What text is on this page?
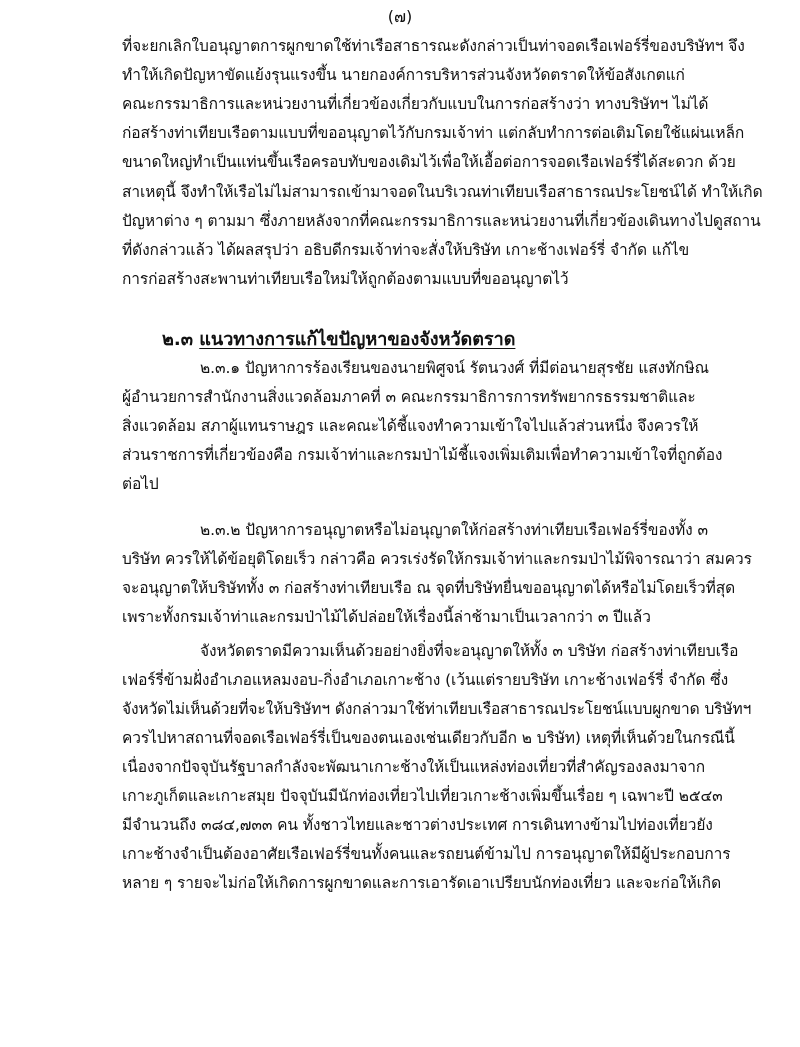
(๗)
ที่จะยกเลิกใบอนุญาตการผูกขาดใช้ท่าเรือสาธารณะดังกล่าวเป็นท่าจอดเรือเฟอร์รี่ของบริษัทฯ จึง
ทำให้เกิดปัญหาขัดแย้งรุนแรงขึ้น นายกองค์การบริหารส่วนจังหวัดตราดให้ข้อสังเกตแก่
คณะกรรมาธิการและหน่วยงานที่เกี่ยวข้องเกี่ยวกับแบบในการก่อสร้างว่า ทางบริษัทฯ ไม่ได้
ก่อสร้างท่าเทียบเรือตามแบบที่ขออนุญาตไว้กับกรมเจ้าท่า แต่กลับทำการต่อเติมโดยใช้แผ่นเหล็ก
ขนาดใหญ่ทำเป็นแท่นขึ้นเรือครอบทับของเดิมไว้เพื่อให้เอื้อต่อการจอดเรือเฟอร์รี่ได้สะดวก ด้วย
สาเหตุนี้ จึงทำให้เรือไม่ไม่สามารถเข้ามาจอดในบริเวณท่าเทียบเรือสาธารณประโยชน์ได้ ทำให้เกิด
ปัญหาต่าง ๆ ตามมา ซึ่งภายหลังจากที่คณะกรรมาธิการและหน่วยงานที่เกี่ยวข้องเดินทางไปดูสถาน
ที่ดังกล่าวแล้ว ได้ผลสรุปว่า อธิบดีกรมเจ้าท่าจะสั่งให้บริษัท เกาะช้างเฟอร์รี่ จำกัด แก้ไข
การก่อสร้างสะพานท่าเทียบเรือใหม่ให้ถูกต้องตามแบบที่ขออนุญาตไว้
๒.๓ แนวทางการแก้ไขปัญหาของจังหวัดตราด
๒.๓.๑ ปัญหาการร้องเรียนของนายพิศูจน์ รัตนวงศ์ ที่มีต่อนายสุรชัย แสงทักษิณ
ผู้อำนวยการสำนักงานสิ่งแวดล้อมภาคที่ ๓ คณะกรรมาธิการการทรัพยากรธรรมชาติและ
สิ่งแวดล้อม สภาผู้แทนราษฎร และคณะได้ชี้แจงทำความเข้าใจไปแล้วส่วนหนึ่ง จึงควรให้
ส่วนราชการที่เกี่ยวข้องคือ กรมเจ้าท่าและกรมป่าไม้ชี้แจงเพิ่มเติมเพื่อทำความเข้าใจที่ถูกต้อง
ต่อไป
๒.๓.๒ ปัญหาการอนุญาตหรือไม่อนุญาตให้ก่อสร้างท่าเทียบเรือเฟอร์รี่ของทั้ง ๓
บริษัท ควรให้ได้ข้อยุติโดยเร็ว กล่าวคือ ควรเร่งรัดให้กรมเจ้าท่าและกรมป่าไม้พิจารณาว่า สมควร
จะอนุญาตให้บริษัททั้ง ๓ ก่อสร้างท่าเทียบเรือ ณ จุดที่บริษัทยื่นขออนุญาตได้หรือไม่โดยเร็วที่สุด
เพราะทั้งกรมเจ้าท่าและกรมป่าไม้ได้ปล่อยให้เรื่องนี้ล่าช้ามาเป็นเวลากว่า ๓ ปีแล้ว
จังหวัดตราดมีความเห็นด้วยอย่างยิ่งที่จะอนุญาตให้ทั้ง ๓ บริษัท ก่อสร้างท่าเทียบเรือ
เฟอร์รี่ข้ามฝั่งอำเภอแหลมงอบ-กิ่งอำเภอเกาะช้าง (เว้นแต่รายบริษัท เกาะช้างเฟอร์รี่ จำกัด ซึ่ง
จังหวัดไม่เห็นด้วยที่จะให้บริษัทฯ ดังกล่าวมาใช้ท่าเทียบเรือสาธารณประโยชน์แบบผูกขาด บริษัทฯ
ควรไปหาสถานที่จอดเรือเฟอร์รี่เป็นของตนเองเช่นเดียวกับอีก ๒ บริษัท) เหตุที่เห็นด้วยในกรณีนี้
เนื่องจากปัจจุบันรัฐบาลกำลังจะพัฒนาเกาะช้างให้เป็นแหล่งท่องเที่ยวที่สำคัญรองลงมาจาก
เกาะภูเก็ตและเกาะสมุย ปัจจุบันมีนักท่องเที่ยวไปเที่ยวเกาะช้างเพิ่มขึ้นเรื่อย ๆ เฉพาะปี ๒๕๔๓
มีจำนวนถึง ๓๘๔,๗๓๓ คน ทั้งชาวไทยและชาวต่างประเทศ การเดินทางข้ามไปท่องเที่ยวยัง
เกาะช้างจำเป็นต้องอาศัยเรือเฟอร์รี่ขนทั้งคนและรถยนต์ข้ามไป การอนุญาตให้มีผู้ประกอบการ
หลาย ๆ รายจะไม่ก่อให้เกิดการผูกขาดและการเอารัดเอาเปรียบนักท่องเที่ยว และจะก่อให้เกิด
